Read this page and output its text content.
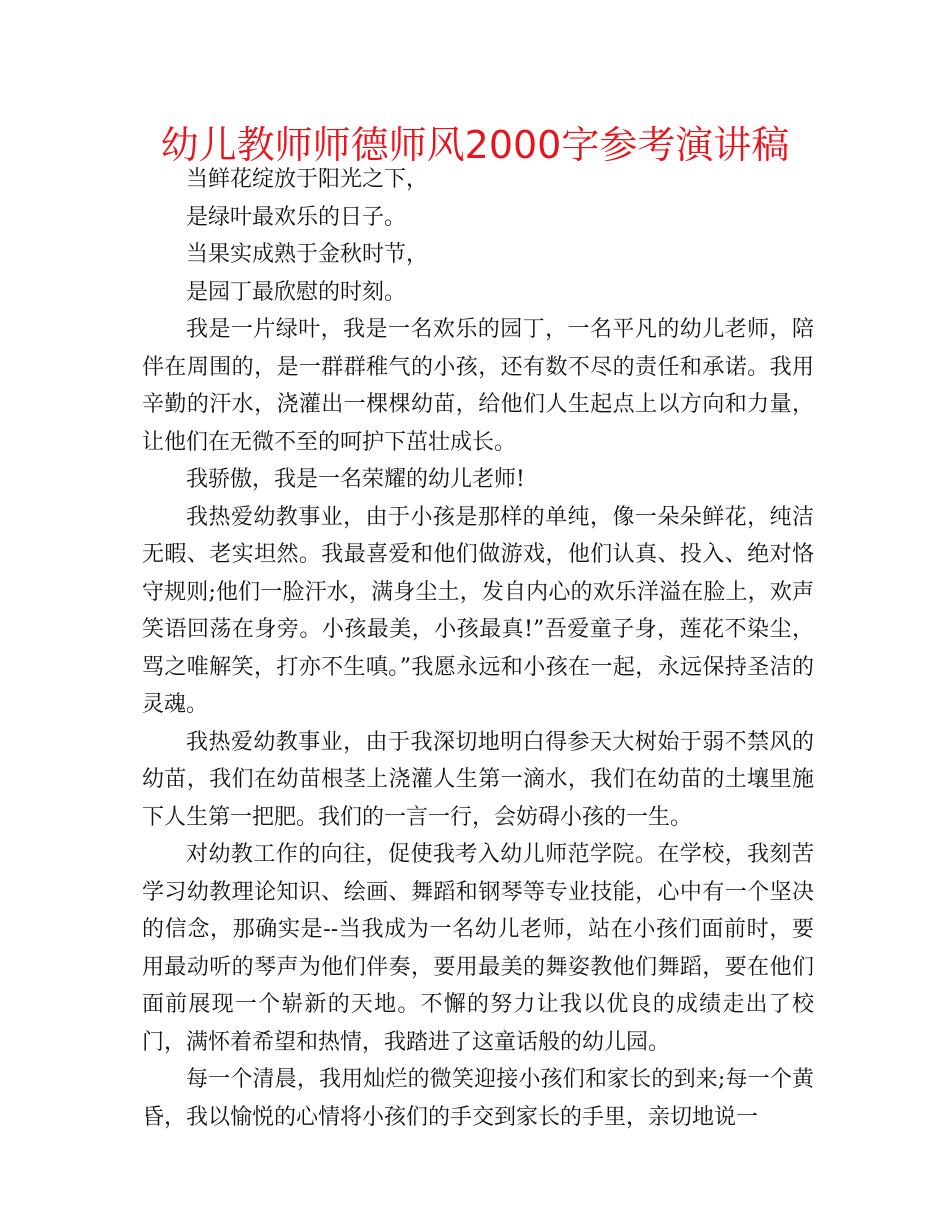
幼儿教师师德师风2000字参考演讲稿

当鲜花绽放于阳光之下，

是绿叶最欢乐的日子。

当果实成熟于金秋时节，

是园丁最欣慰的时刻。

我是一片绿叶，我是一名欢乐的园丁，一名平凡的幼儿老师，陪伴在周围的，是一群群稚气的小孩，还有数不尽的责任和承诺。我用辛勤的汗水，浇灌出一棵棵幼苗，给他们人生起点上以方向和力量，让他们在无微不至的呵护下茁壮成长。

我骄傲，我是一名荣耀的幼儿老师!

我热爱幼教事业，由于小孩是那样的单纯，像一朵朵鲜花，纯洁无暇、老实坦然。我最喜爱和他们做游戏，他们认真、投入、绝对恪守规则;他们一脸汗水，满身尘土，发自内心的欢乐洋溢在脸上，欢声笑语回荡在身旁。小孩最美，小孩最真!”吾爱童子身，莲花不染尘，骂之唯解笑，打亦不生嗔。”我愿永远和小孩在一起，永远保持圣洁的灵魂。

我热爱幼教事业，由于我深切地明白得参天大树始于弱不禁风的幼苗，我们在幼苗根茎上浇灌人生第一滴水，我们在幼苗的土壤里施下人生第一把肥。我们的一言一行，会妨碍小孩的一生。

对幼教工作的向往，促使我考入幼儿师范学院。在学校，我刻苦学习幼教理论知识、绘画、舞蹈和钢琴等专业技能，心中有一个坚决的信念，那确实是--当我成为一名幼儿老师，站在小孩们面前时，要用最动听的琴声为他们伴奏，要用最美的舞姿教他们舞蹈，要在他们面前展现一个崭新的天地。不懈的努力让我以优良的成绩走出了校门，满怀着希望和热情，我踏进了这童话般的幼儿园。

每一个清晨，我用灿烂的微笑迎接小孩们和家长的到来;每一个黄昏，我以愉悦的心情将小孩们的手交到家长的手里，亲切地说一
